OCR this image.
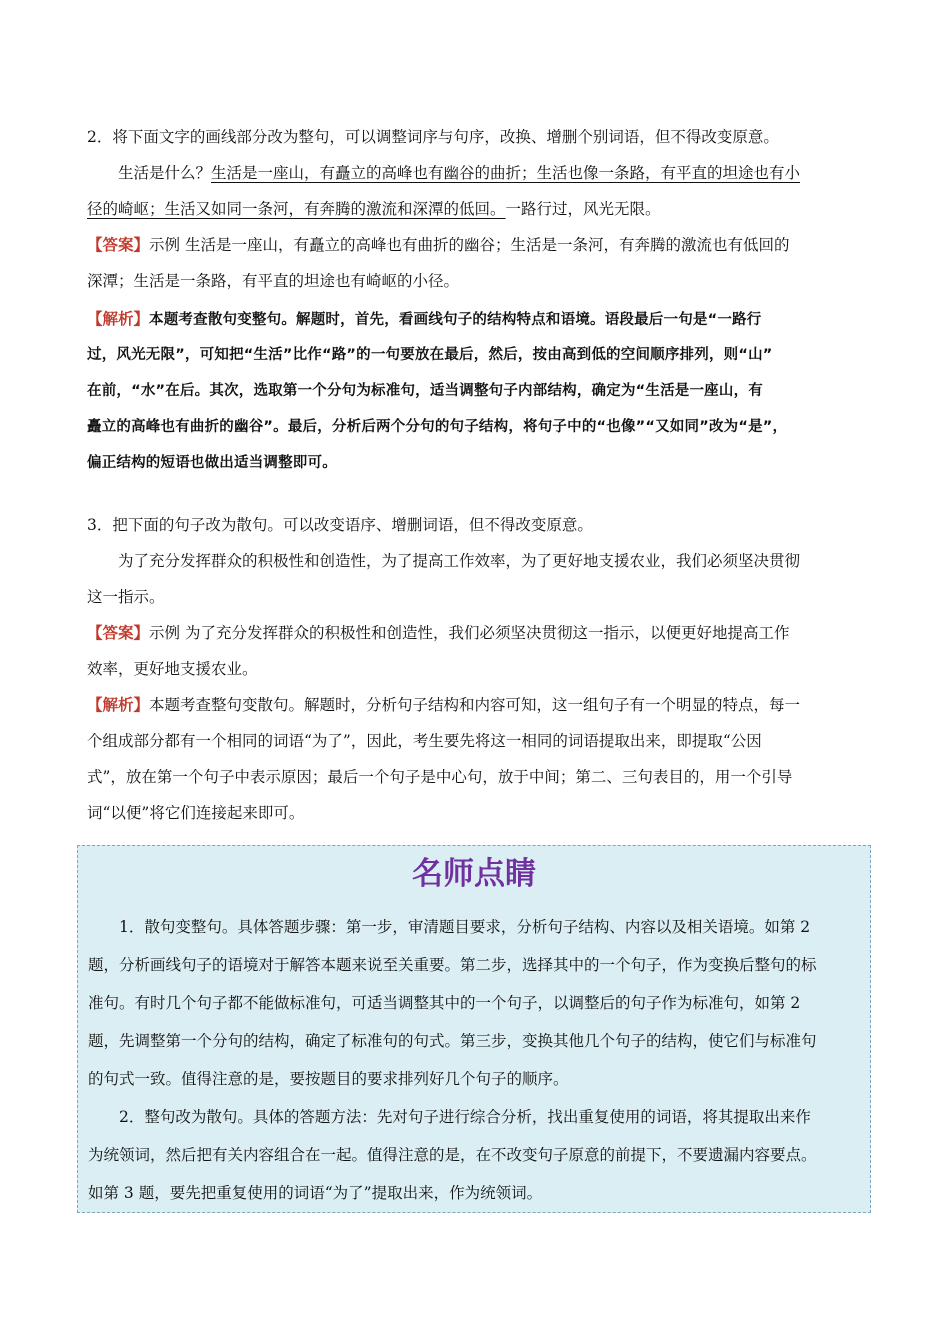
2．将下面文字的画线部分改为整句，可以调整词序与句序，改换、增删个别词语，但不得改变原意。
生活是什么？生活是一座山，有矗立的高峰也有幽谷的曲折；生活也像一条路，有平直的坦途也有小
径的崎岖；生活又如同一条河，有奔腾的激流和深潭的低回。一路行过，风光无限。
【答案】示例 生活是一座山，有矗立的高峰也有曲折的幽谷；生活是一条河，有奔腾的激流也有低回的
深潭；生活是一条路，有平直的坦途也有崎岖的小径。
【解析】本题考查散句变整句。解题时，首先，看画线句子的结构特点和语境。语段最后一句是“一路行
过，风光无限”，可知把“生活”比作“路”的一句要放在最后，然后，按由高到低的空间顺序排列，则“山”
在前，“水”在后。其次，选取第一个分句为标准句，适当调整句子内部结构，确定为“生活是一座山，有
矗立的高峰也有曲折的幽谷”。最后，分析后两个分句的句子结构，将句子中的“也像”“又如同”改为“是”，
偏正结构的短语也做出适当调整即可。
3．把下面的句子改为散句。可以改变语序、增删词语，但不得改变原意。
为了充分发挥群众的积极性和创造性，为了提高工作效率，为了更好地支援农业，我们必须坚决贯彻
这一指示。
【答案】示例 为了充分发挥群众的积极性和创造性，我们必须坚决贯彻这一指示，以便更好地提高工作
效率，更好地支援农业。
【解析】本题考查整句变散句。解题时，分析句子结构和内容可知，这一组句子有一个明显的特点，每一
个组成部分都有一个相同的词语“为了”，因此，考生要先将这一相同的词语提取出来，即提取“公因
式”，放在第一个句子中表示原因；最后一个句子是中心句，放于中间；第二、三句表目的，用一个引导
词“以便”将它们连接起来即可。
名师点睛
1．散句变整句。具体答题步骤：第一步，审清题目要求，分析句子结构、内容以及相关语境。如第 2
题，分析画线句子的语境对于解答本题来说至关重要。第二步，选择其中的一个句子，作为变换后整句的标
准句。有时几个句子都不能做标准句，可适当调整其中的一个句子，以调整后的句子作为标准句，如第 2
题，先调整第一个分句的结构，确定了标准句的句式。第三步，变换其他几个句子的结构，使它们与标准句
的句式一致。值得注意的是，要按题目的要求排列好几个句子的顺序。
2．整句改为散句。具体的答题方法：先对句子进行综合分析，找出重复使用的词语，将其提取出来作
为统领词，然后把有关内容组合在一起。值得注意的是，在不改变句子原意的前提下，不要遗漏内容要点。
如第 3 题，要先把重复使用的词语“为了”提取出来，作为统领词。
